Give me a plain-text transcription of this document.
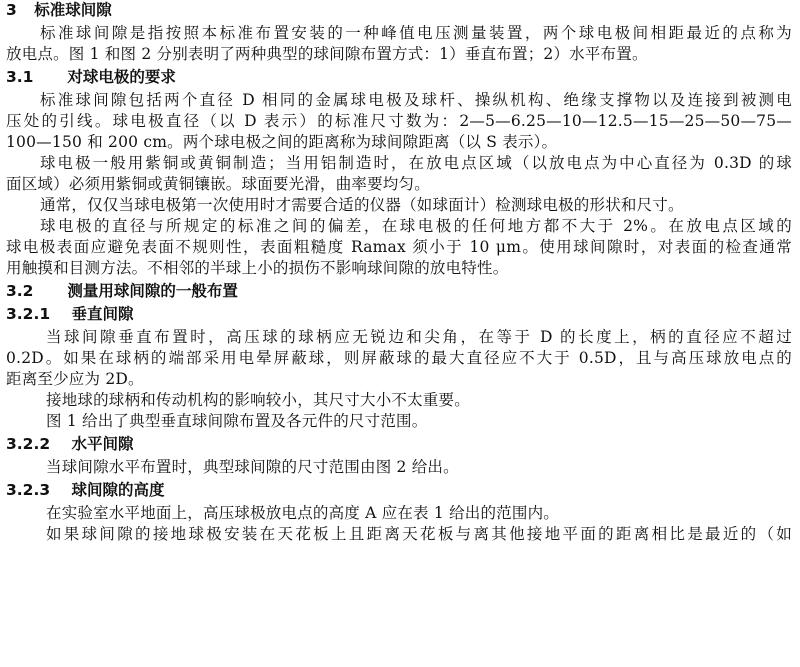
3 标准球间隙
标准球间隙是指按照本标准布置安装的一种峰值电压测量装置，两个球电极间相距最近的点称为
放电点。图 1 和图 2 分别表明了两种典型的球间隙布置方式：1）垂直布置；2）水平布置。
3.1 对球电极的要求
标准球间隙包括两个直径 D 相同的金属球电极及球杆、操纵机构、绝缘支撑物以及连接到被测电
压处的引线。球电极直径（以 D 表示）的标准尺寸数为：2—5—6.25—10—12.5—15—25—50—75—
100—150 和 200 cm。两个球电极之间的距离称为球间隙距离（以 S 表示）。
球电极一般用紫铜或黄铜制造；当用铝制造时，在放电点区域（以放电点为中心直径为 0.3D 的球
面区域）必须用紫铜或黄铜镶嵌。球面要光滑，曲率要均匀。
通常，仅仅当球电极第一次使用时才需要合适的仪器（如球面计）检测球电极的形状和尺寸。
球电极的直径与所规定的标准之间的偏差，在球电极的任何地方都不大于 2%。在放电点区域的
球电极表面应避免表面不规则性，表面粗糙度 Ramax 须小于 10 μm。使用球间隙时，对表面的检查通常
用触摸和目测方法。不相邻的半球上小的损伤不影响球间隙的放电特性。
3.2 测量用球间隙的一般布置
3.2.1 垂直间隙
当球间隙垂直布置时，高压球的球柄应无锐边和尖角，在等于 D 的长度上，柄的直径应不超过
0.2D。如果在球柄的端部采用电晕屏蔽球，则屏蔽球的最大直径应不大于 0.5D，且与高压球放电点的
距离至少应为 2D。
接地球的球柄和传动机构的影响较小，其尺寸大小不太重要。
图 1 给出了典型垂直球间隙布置及各元件的尺寸范围。
3.2.2 水平间隙
当球间隙水平布置时，典型球间隙的尺寸范围由图 2 给出。
3.2.3 球间隙的高度
在实验室水平地面上，高压球极放电点的高度 A 应在表 1 给出的范围内。
如果球间隙的接地球极安装在天花板上且距离天花板与离其他接地平面的距离相比是最近的（如
